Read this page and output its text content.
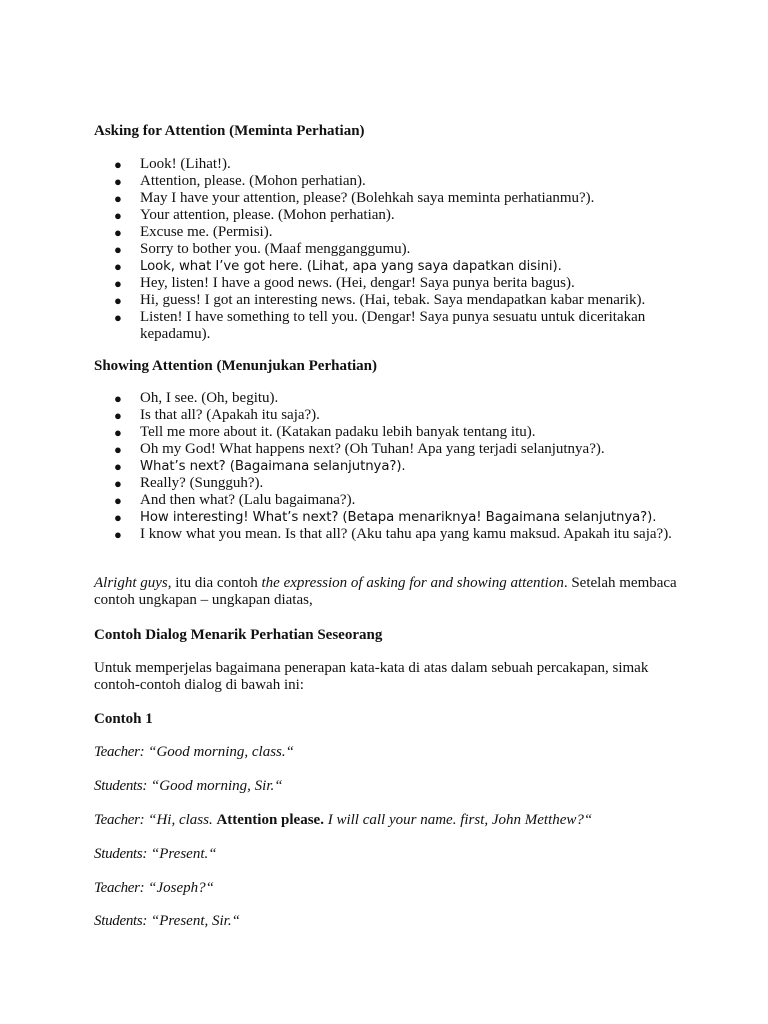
Asking for Attention (Meminta Perhatian)
● Look! (Lihat!).
● Attention, please. (Mohon perhatian).
● May I have your attention, please? (Bolehkah saya meminta perhatianmu?).
● Your attention, please. (Mohon perhatian).
● Excuse me. (Permisi).
● Sorry to bother you. (Maaf mengganggumu).
● Look, what I’ve got here. (Lihat, apa yang saya dapatkan disini).
● Hey, listen! I have a good news. (Hei, dengar! Saya punya berita bagus).
● Hi, guess! I got an interesting news. (Hai, tebak. Saya mendapatkan kabar menarik).
● Listen! I have something to tell you. (Dengar! Saya punya sesuatu untuk diceritakan kepadamu).
Showing Attention (Menunjukan Perhatian)
● Oh, I see. (Oh, begitu).
● Is that all? (Apakah itu saja?).
● Tell me more about it. (Katakan padaku lebih banyak tentang itu).
● Oh my God! What happens next? (Oh Tuhan! Apa yang terjadi selanjutnya?).
● What’s next? (Bagaimana selanjutnya?).
● Really? (Sungguh?).
● And then what? (Lalu bagaimana?).
● How interesting! What’s next? (Betapa menariknya! Bagaimana selanjutnya?).
● I know what you mean. Is that all? (Aku tahu apa yang kamu maksud. Apakah itu saja?).

Alright guys, itu dia contoh the expression of asking for and showing attention. Setelah membaca contoh ungkapan – ungkapan diatas,

Contoh Dialog Menarik Perhatian Seseorang

Untuk memperjelas bagaimana penerapan kata-kata di atas dalam sebuah percakapan, simak contoh-contoh dialog di bawah ini:

Contoh 1

Teacher: “Good morning, class.“

Students: “Good morning, Sir.“

Teacher: “Hi, class. Attention please. I will call your name. first, John Metthew?“

Students: “Present.“

Teacher: “Joseph?“

Students: “Present, Sir.“
